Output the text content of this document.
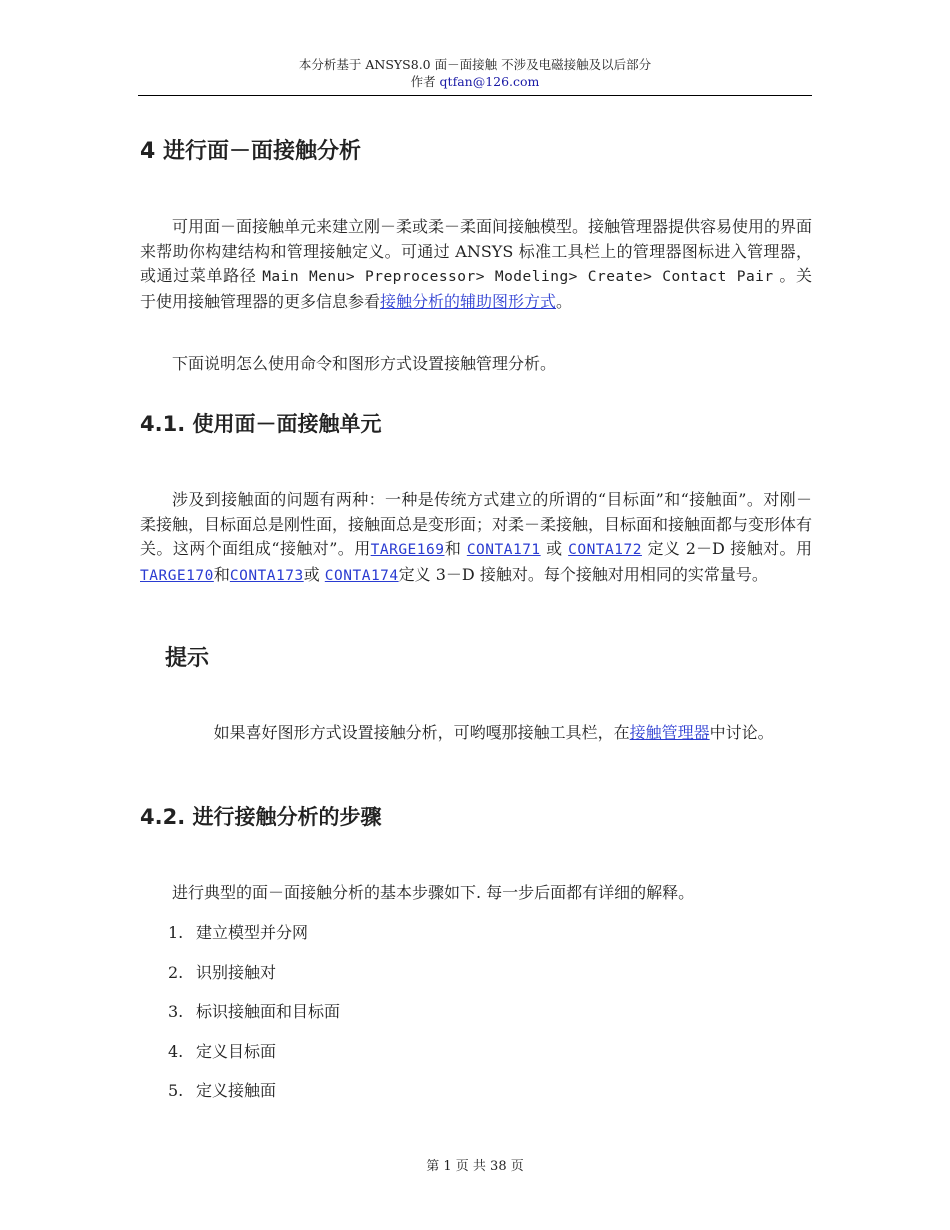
本分析基于 ANSYS8.0 面－面接触 不涉及电磁接触及以后部分
作者 qtfan@126.com
4 进行面－面接触分析

可用面－面接触单元来建立刚－柔或柔－柔面间接触模型。接触管理器提供容易使用的界面来帮助你构建结构和管理接触定义。可通过 ANSYS 标准工具栏上的管理器图标进入管理器，或通过菜单路径 Main Menu> Preprocessor> Modeling> Create> Contact Pair 。关于使用接触管理器的更多信息参看接触分析的辅助图形方式。

下面说明怎么使用命令和图形方式设置接触管理分析。

4.1. 使用面－面接触单元

涉及到接触面的问题有两种：一种是传统方式建立的所谓的“目标面”和“接触面”。对刚－柔接触，目标面总是刚性面，接触面总是变形面；对柔－柔接触，目标面和接触面都与变形体有关。这两个面组成“接触对”。用TARGE169和 CONTA171 或 CONTA172 定义 2－D 接触对。用 TARGE170和CONTA173或 CONTA174定义 3－D 接触对。每个接触对用相同的实常量号。

提示

如果喜好图形方式设置接触分析，可哟嘎那接触工具栏，在接触管理器中讨论。

4.2. 进行接触分析的步骤

进行典型的面－面接触分析的基本步骤如下. 每一步后面都有详细的解释。

1. 建立模型并分网
2. 识别接触对
3. 标识接触面和目标面
4. 定义目标面
5. 定义接触面
第 1 页 共 38 页
